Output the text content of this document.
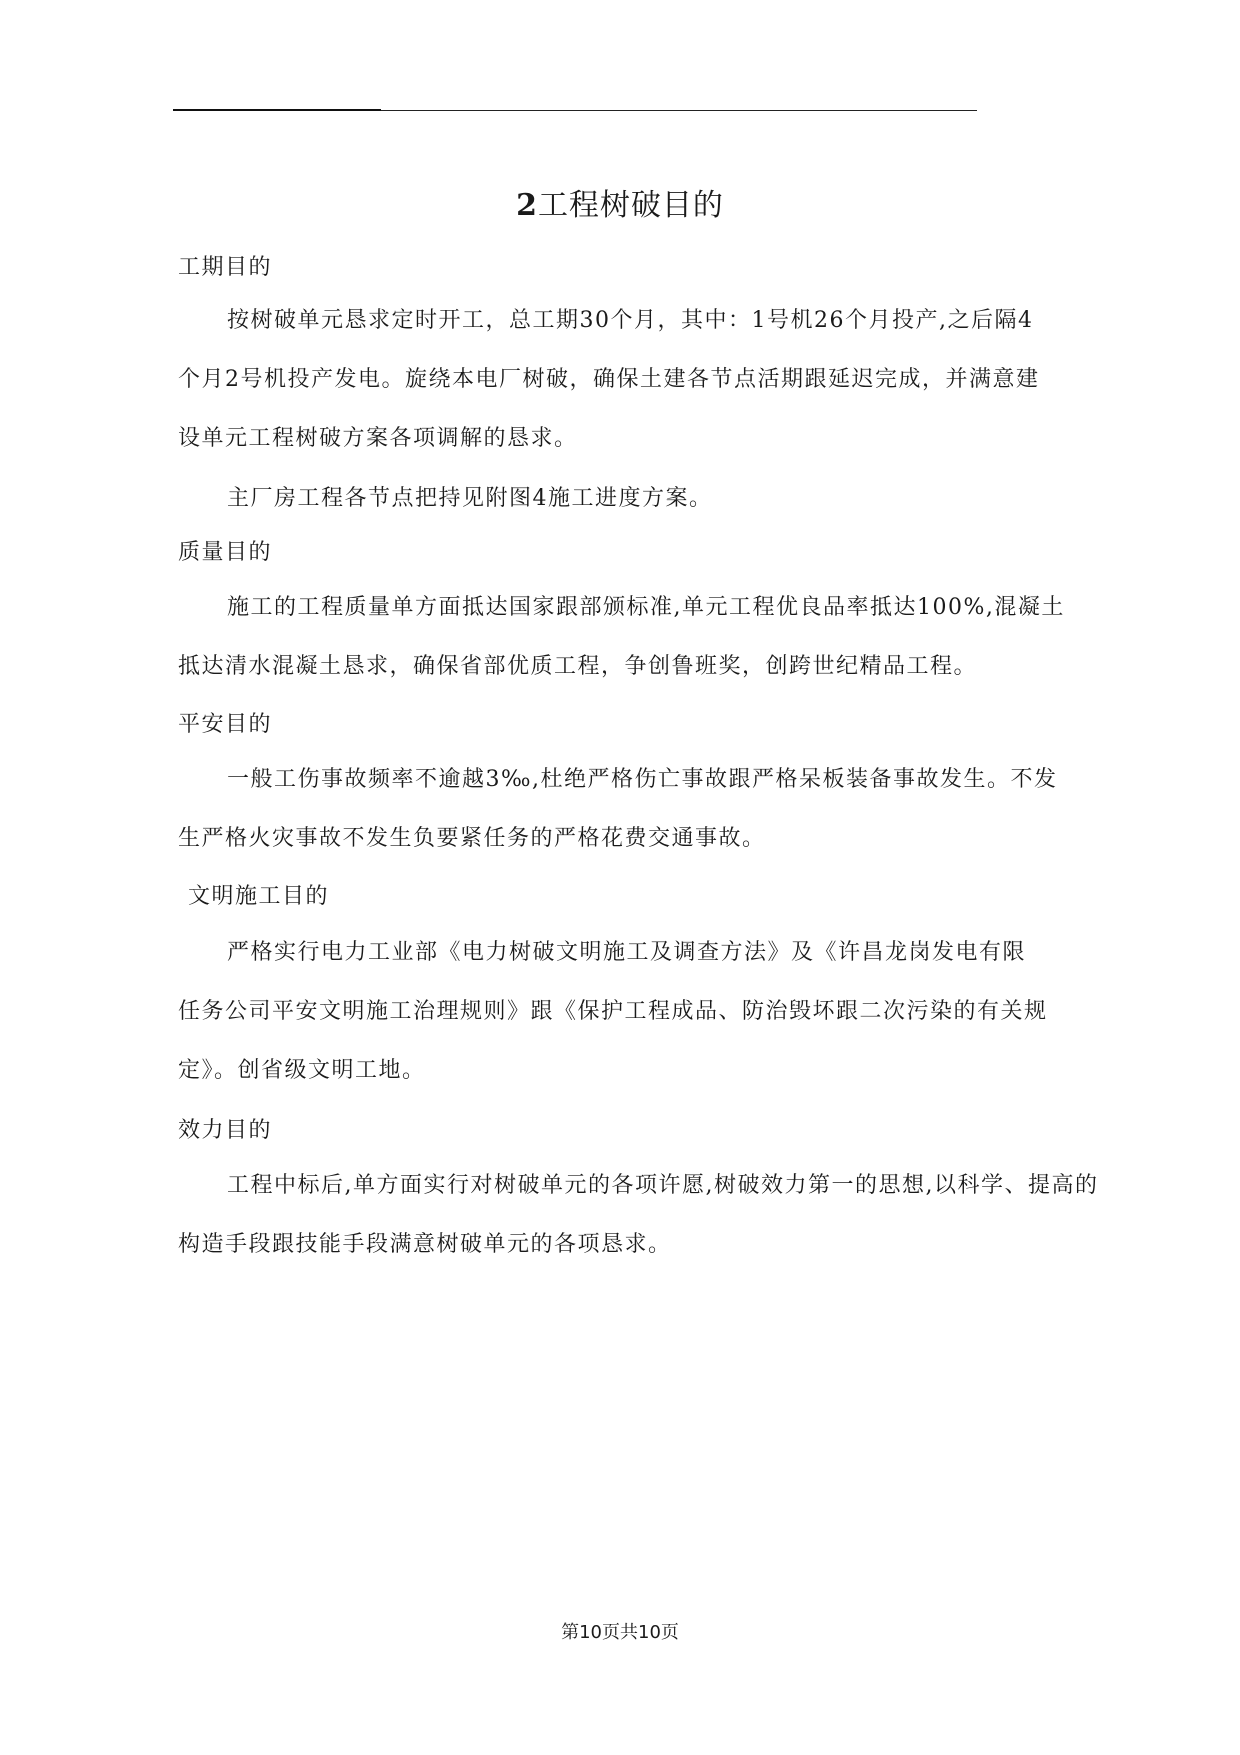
2工程树破目的
工期目的
按树破单元恳求定时开工，总工期30个月，其中：1号机26个月投产,之后隔4
个月2号机投产发电。旋绕本电厂树破，确保土建各节点活期跟延迟完成，并满意建
设单元工程树破方案各项调解的恳求。
主厂房工程各节点把持见附图4施工进度方案。
质量目的
施工的工程质量单方面抵达国家跟部颁标准,单元工程优良品率抵达100%,混凝土
抵达清水混凝土恳求，确保省部优质工程，争创鲁班奖，创跨世纪精品工程。
平安目的
一般工伤事故频率不逾越3‰,杜绝严格伤亡事故跟严格呆板装备事故发生。不发
生严格火灾事故不发生负要紧任务的严格花费交通事故。
文明施工目的
严格实行电力工业部《电力树破文明施工及调查方法》及《许昌龙岗发电有限
任务公司平安文明施工治理规则》跟《保护工程成品、防治毁坏跟二次污染的有关规
定》。创省级文明工地。
效力目的
工程中标后,单方面实行对树破单元的各项许愿,树破效力第一的思想,以科学、提高的
构造手段跟技能手段满意树破单元的各项恳求。
第10页共10页
